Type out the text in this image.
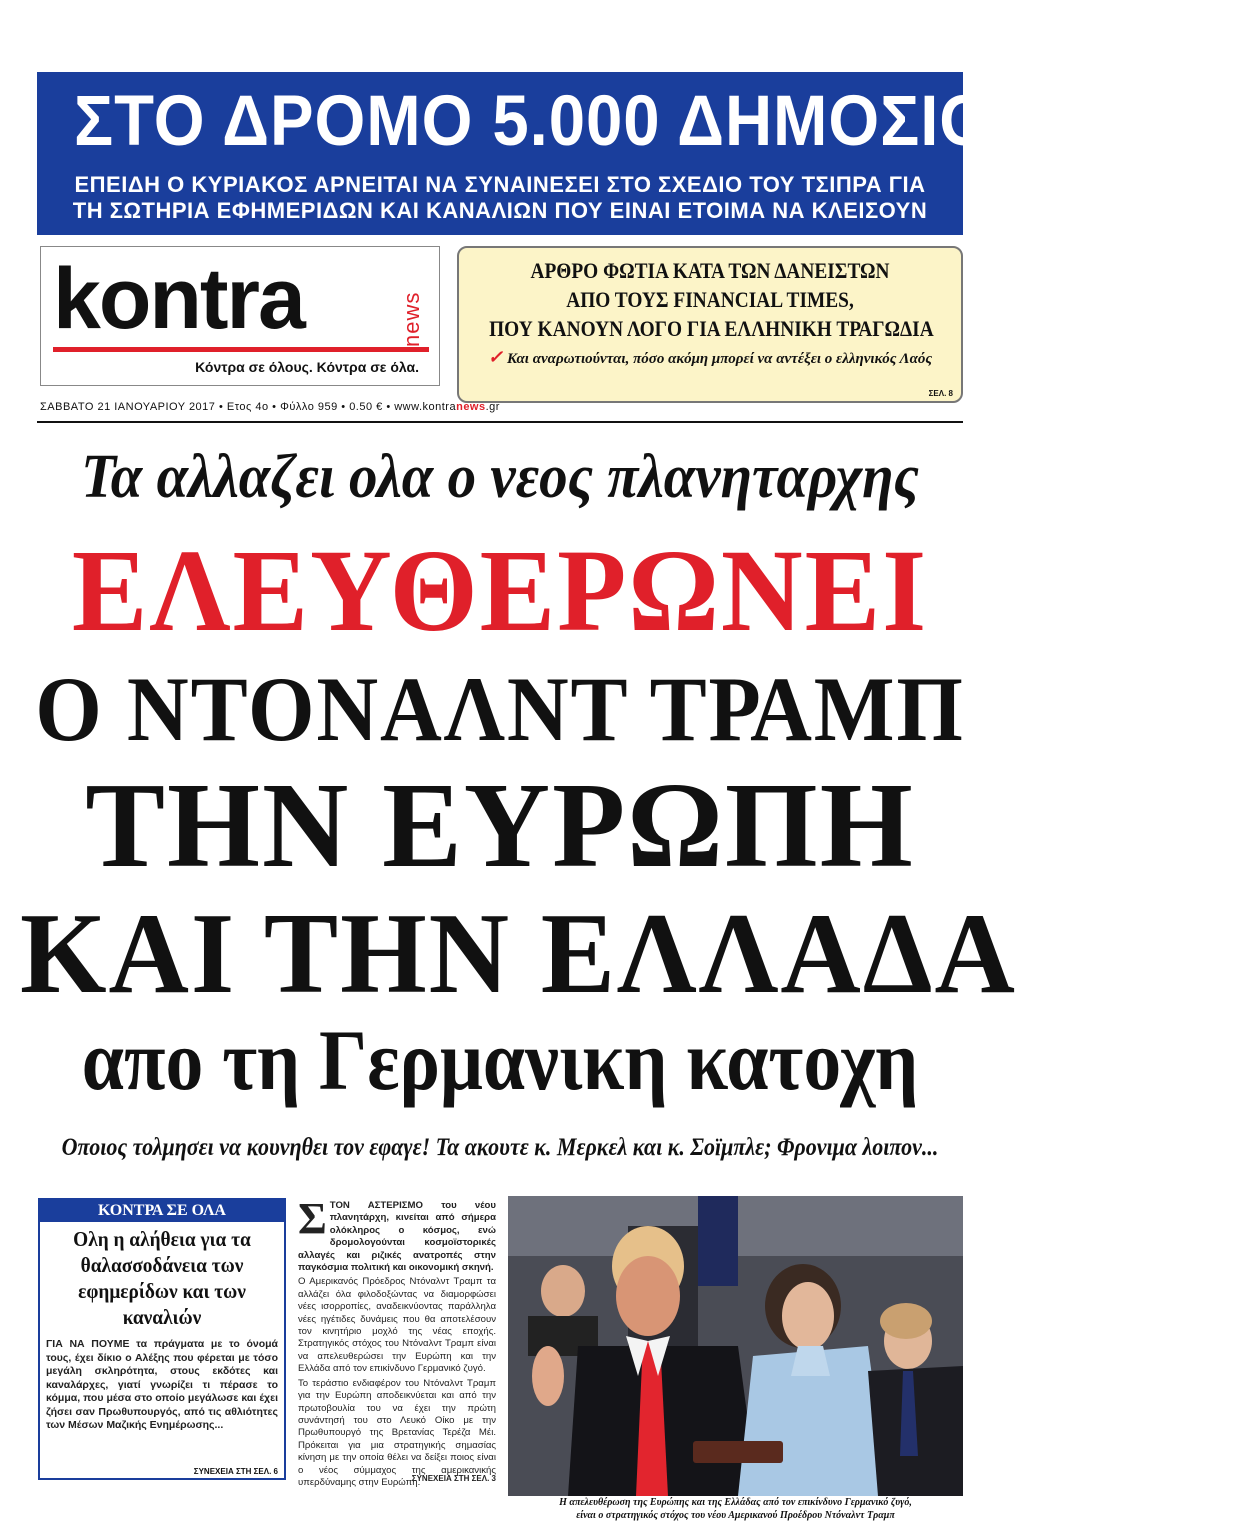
ΣΤΟ ΔΡΟΜΟ 5.000 ΔΗΜΟΣΙΟΓΡΑΦΟΙ
ΕΠΕΙΔΗ Ο ΚΥΡΙΑΚΟΣ ΑΡΝΕΙΤΑΙ ΝΑ ΣΥΝΑΙΝΕΣΕΙ ΣΤΟ ΣΧΕΔΙΟ ΤΟΥ ΤΣΙΠΡΑ ΓΙΑ
ΤΗ ΣΩΤΗΡΙΑ ΕΦΗΜΕΡΙΔΩΝ ΚΑΙ ΚΑΝΑΛΙΩΝ ΠΟΥ ΕΙΝΑΙ ΕΤΟΙΜΑ ΝΑ ΚΛΕΙΣΟΥΝ
kontra	news
Κόντρα σε όλους. Κόντρα σε όλα.
ΑΡΘΡΟ ΦΩΤΙΑ ΚΑΤΑ ΤΩΝ ΔΑΝΕΙΣΤΩΝ
ΑΠΟ ΤΟΥΣ FINANCIAL TIMES,
ΠΟΥ ΚΑΝΟΥΝ ΛΟΓΟ ΓΙΑ ΕΛΛΗΝΙΚΗ ΤΡΑΓΩΔΙΑ
✓ Και αναρωτιούνται, πόσο ακόμη μπορεί να αντέξει ο ελληνικός Λαός
ΣΕΛ. 8
ΣΑΒΒΑΤΟ 21 ΙΑΝΟΥΑΡΙΟΥ 2017 • Ετος 4ο • Φύλλο 959 • 0.50 € • www.kontranews.gr
Τα αλλαζει ολα ο νεος πλανηταρχης
ΕΛΕΥΘΕΡΩΝΕΙ
Ο ΝΤΟΝΑΛΝΤ ΤΡΑΜΠ
ΤΗΝ ΕΥΡΩΠΗ
ΚΑΙ ΤΗΝ ΕΛΛΑΔΑ
απο τη Γερμανικη κατοχη
Οποιος τολμησει να κουνηθει τον εφαγε! Τα ακουτε κ. Μερκελ και κ. Σοϊμπλε; Φρονιμα λοιπον...
ΚΟΝΤΡΑ ΣΕ ΟΛΑ
Ολη η αλήθεια για τα θαλασσοδάνεια των εφημερίδων και των καναλιών
ΓΙΑ ΝΑ ΠΟΥΜΕ τα πράγματα με το όνομά τους, έχει δίκιο ο Αλέξης που φέρεται με τόσο μεγάλη σκληρότητα, στους εκδότες και καναλάρχες, γιατί γνωρίζει τι πέρασε το κόμμα, που μέσα στο οποίο μεγάλωσε και έχει ζήσει σαν Πρωθυπουργός, από τις αθλιότητες των Μέσων Μαζικής Ενημέρωσης...
ΣΥΝΕΧΕΙΑ ΣΤΗ ΣΕΛ. 6
Σ ΤΟΝ ΑΣΤΕΡΙΣΜΟ του νέου πλανητάρχη, κινείται από σήμερα ολόκληρος ο κόσμος, ενώ δρομολογούνται κοσμοϊστορικές αλλαγές και ριζικές ανατροπές στην παγκόσμια πολιτική και οικονομική σκηνή.

Ο Αμερικανός Πρόεδρος Ντόναλντ Τραμπ τα αλλάζει όλα φιλοδοξώντας να διαμορφώσει νέες ισορροπίες, αναδεικνύοντας παράλληλα νέες ηγέτιδες δυνάμεις που θα αποτελέσουν τον κινητήριο μοχλό της νέας εποχής. Στρατηγικός στόχος του Ντόναλντ Τραμπ είναι να απελευθερώσει την Ευρώπη και την Ελλάδα από τον επικίνδυνο Γερμανικό ζυγό.

Το τεράστιο ενδιαφέρον του Ντόναλντ Τραμπ για την Ευρώπη αποδεικνύεται και από την πρωτοβουλία του να έχει την πρώτη συνάντησή του στο Λευκό Οίκο με την Πρωθυπουργό της Βρετανίας Τερέζα Μέι. Πρόκειται για μια στρατηγικής σημασίας κίνηση με την οποία θέλει να δείξει ποιος είναι ο νέος σύμμαχος της αμερικανικής υπερδύναμης στην Ευρώπη.

ΣΥΝΕΧΕΙΑ ΣΤΗ ΣΕΛ. 3
Η απελευθέρωση της Ευρώπης και της Ελλάδας από τον επικίνδυνο Γερμανικό ζυγό,
είναι ο στρατηγικός στόχος του νέου Αμερικανού Προέδρου Ντόναλντ Τραμπ
